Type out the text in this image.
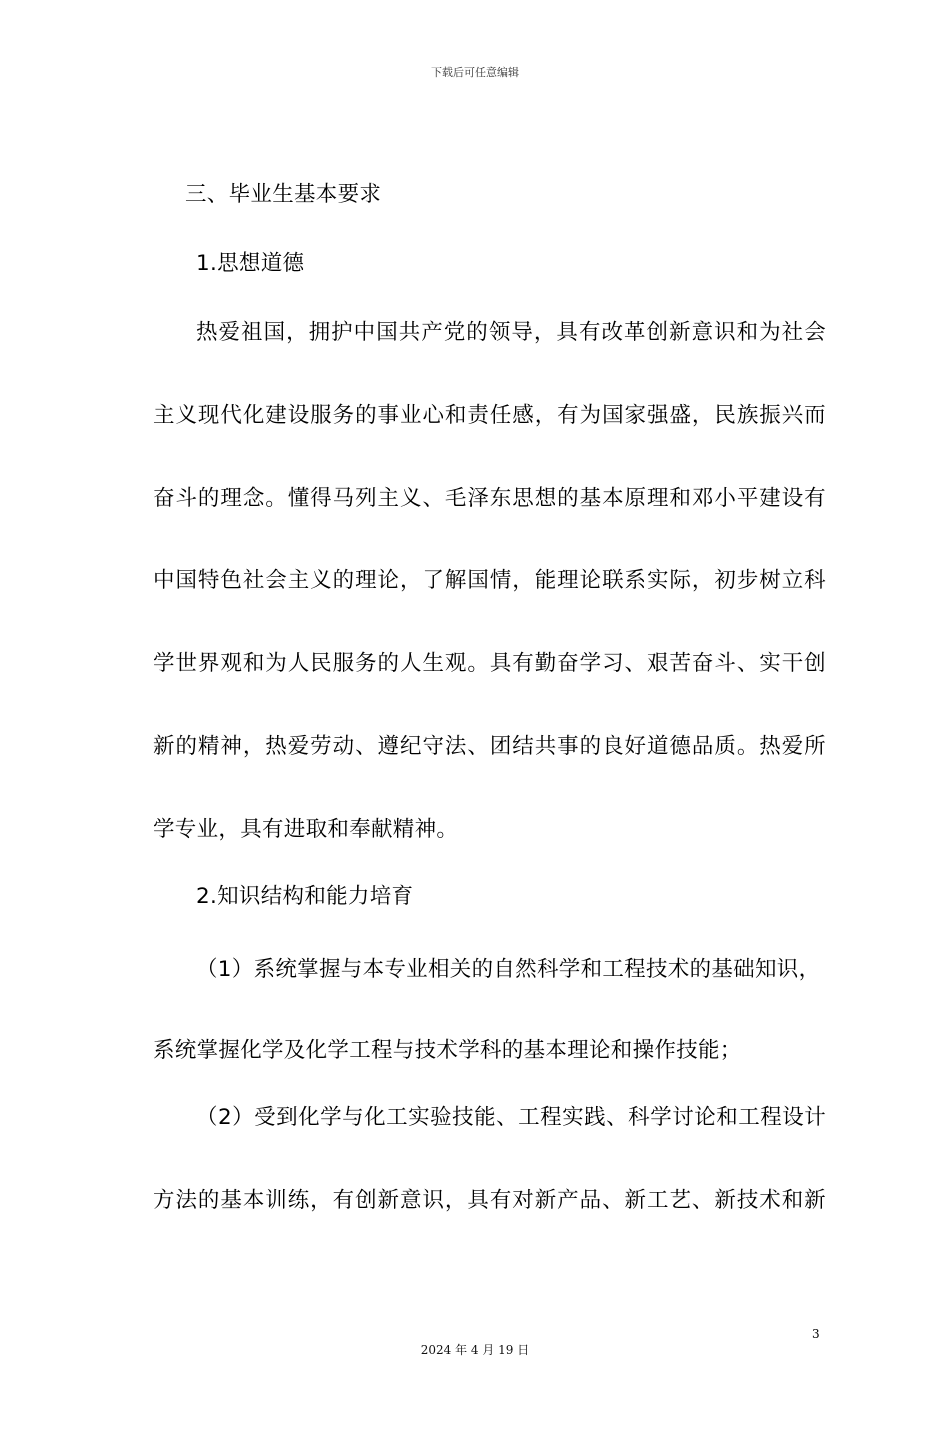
下载后可任意编辑
三、毕业生基本要求
1.思想道德
热爱祖国，拥护中国共产党的领导，具有改革创新意识和为社会
主义现代化建设服务的事业心和责任感，有为国家强盛，民族振兴而
奋斗的理念。懂得马列主义、毛泽东思想的基本原理和邓小平建设有
中国特色社会主义的理论，了解国情，能理论联系实际，初步树立科
学世界观和为人民服务的人生观。具有勤奋学习、艰苦奋斗、实干创
新的精神，热爱劳动、遵纪守法、团结共事的良好道德品质。热爱所
学专业，具有进取和奉献精神。
2.知识结构和能力培育
（1）系统掌握与本专业相关的自然科学和工程技术的基础知识，
系统掌握化学及化学工程与技术学科的基本理论和操作技能；
（2）受到化学与化工实验技能、工程实践、科学讨论和工程设计
方法的基本训练，有创新意识，具有对新产品、新工艺、新技术和新
3
2024 年 4 月 19 日
